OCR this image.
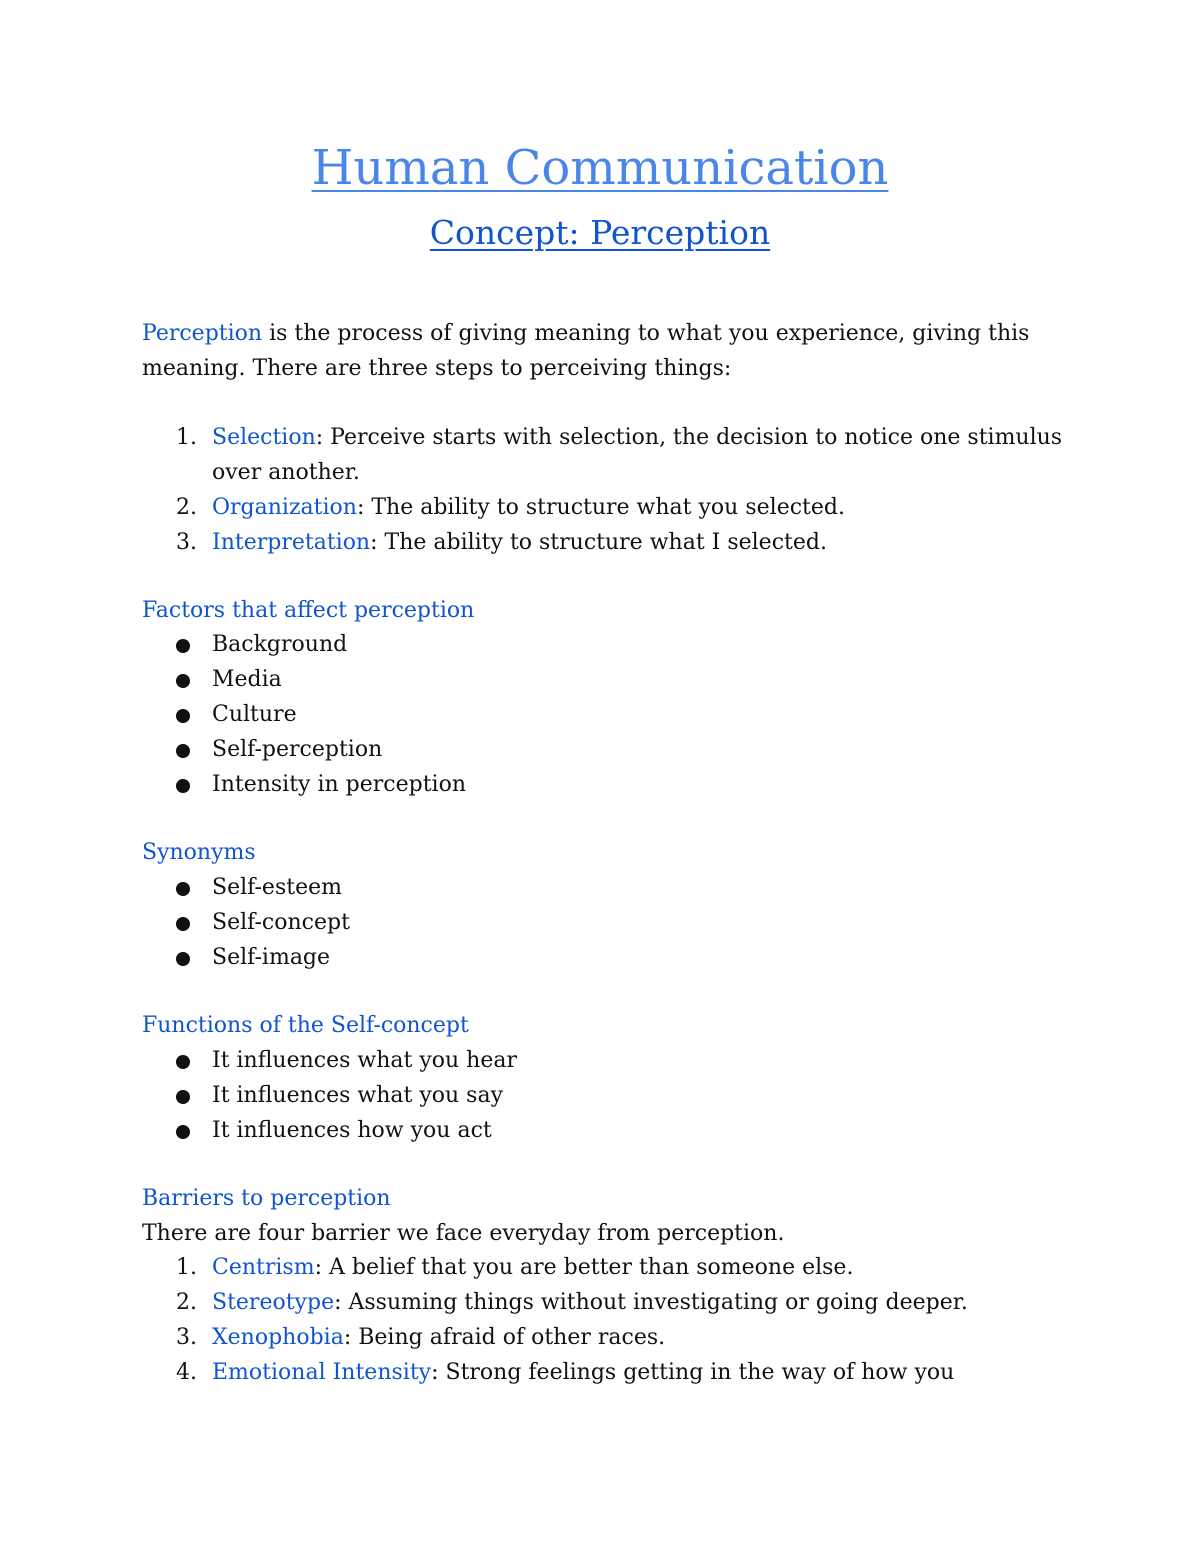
Human Communication
Concept: Perception
Perception is the process of giving meaning to what you experience, giving this meaning. There are three steps to perceiving things:
1. Selection: Perceive starts with selection, the decision to notice one stimulus over another.
2. Organization: The ability to structure what you selected.
3. Interpretation: The ability to structure what I selected.
Factors that affect perception
Background
Media
Culture
Self-perception
Intensity in perception
Synonyms
Self-esteem
Self-concept
Self-image
Functions of the Self-concept
It influences what you hear
It influences what you say
It influences how you act
Barriers to perception
There are four barrier we face everyday from perception.
1. Centrism: A belief that you are better than someone else.
2. Stereotype: Assuming things without investigating or going deeper.
3. Xenophobia: Being afraid of other races.
4. Emotional Intensity: Strong feelings getting in the way of how you
